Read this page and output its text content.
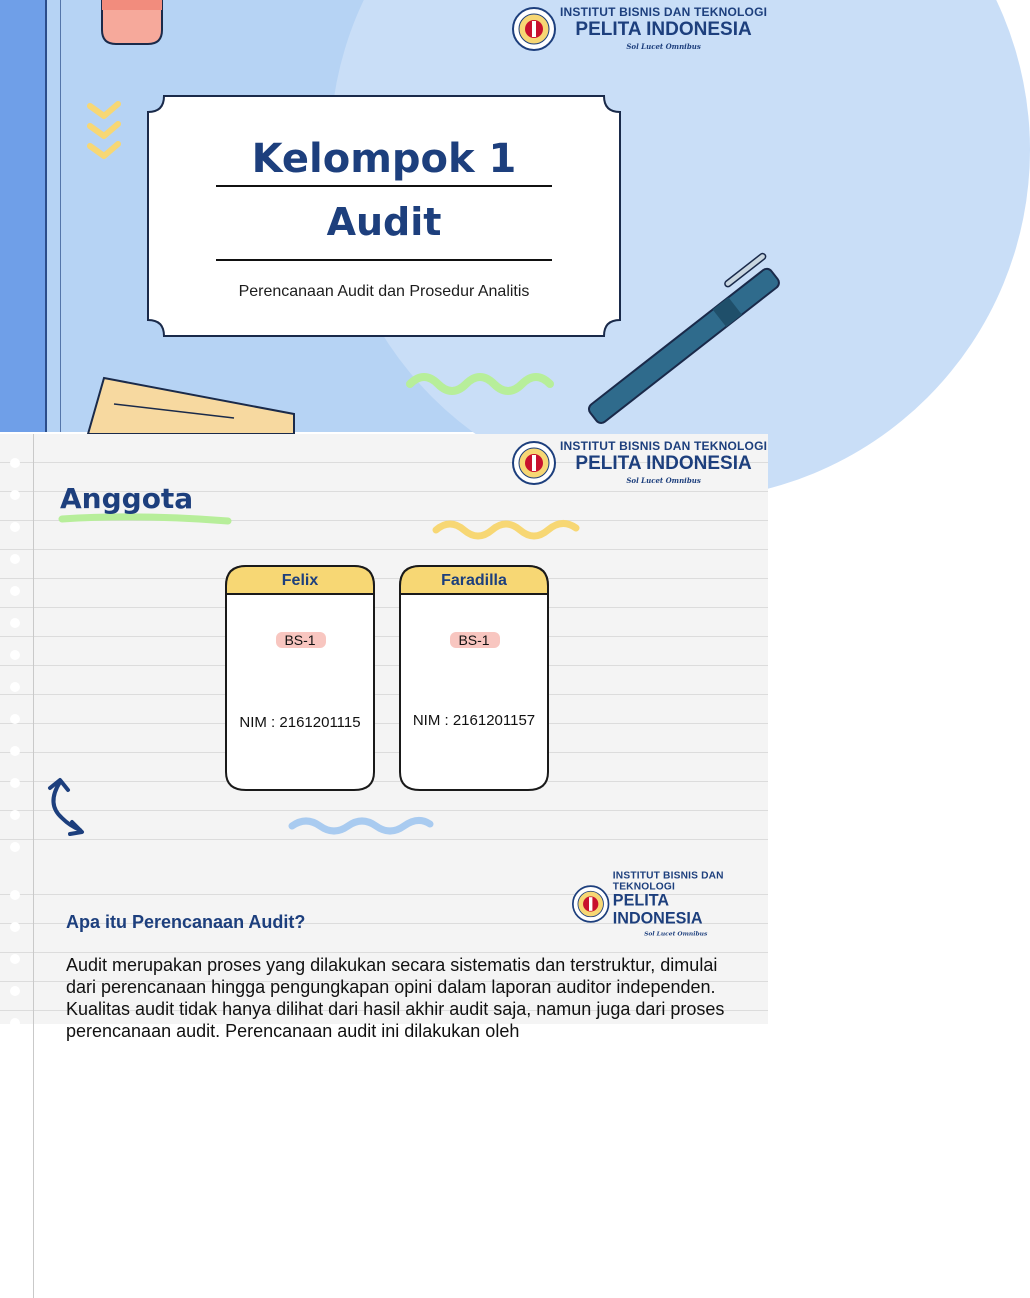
Kelompok 1
Audit
Perencanaan Audit dan Prosedur Analitis
INSTITUT BISNIS DAN TEKNOLOGI
PELITA INDONESIA
Sol Lucet Omnibus
Anggota
Felix
BS-1
NIM : 2161201115
Faradilla
BS-1
NIM : 2161201157
INSTITUT BISNIS DAN TEKNOLOGI
PELITA INDONESIA
Sol Lucet Omnibus
INSTITUT BISNIS DAN TEKNOLOGI
PELITA INDONESIA
Sol Lucet Omnibus
Apa itu Perencanaan Audit?
Audit merupakan proses yang dilakukan secara sistematis dan terstruktur, dimulai dari perencanaan hingga pengungkapan opini dalam laporan auditor independen. Kualitas audit tidak hanya dilihat dari hasil akhir audit saja, namun juga dari proses perencanaan audit. Perencanaan audit ini dilakukan oleh
